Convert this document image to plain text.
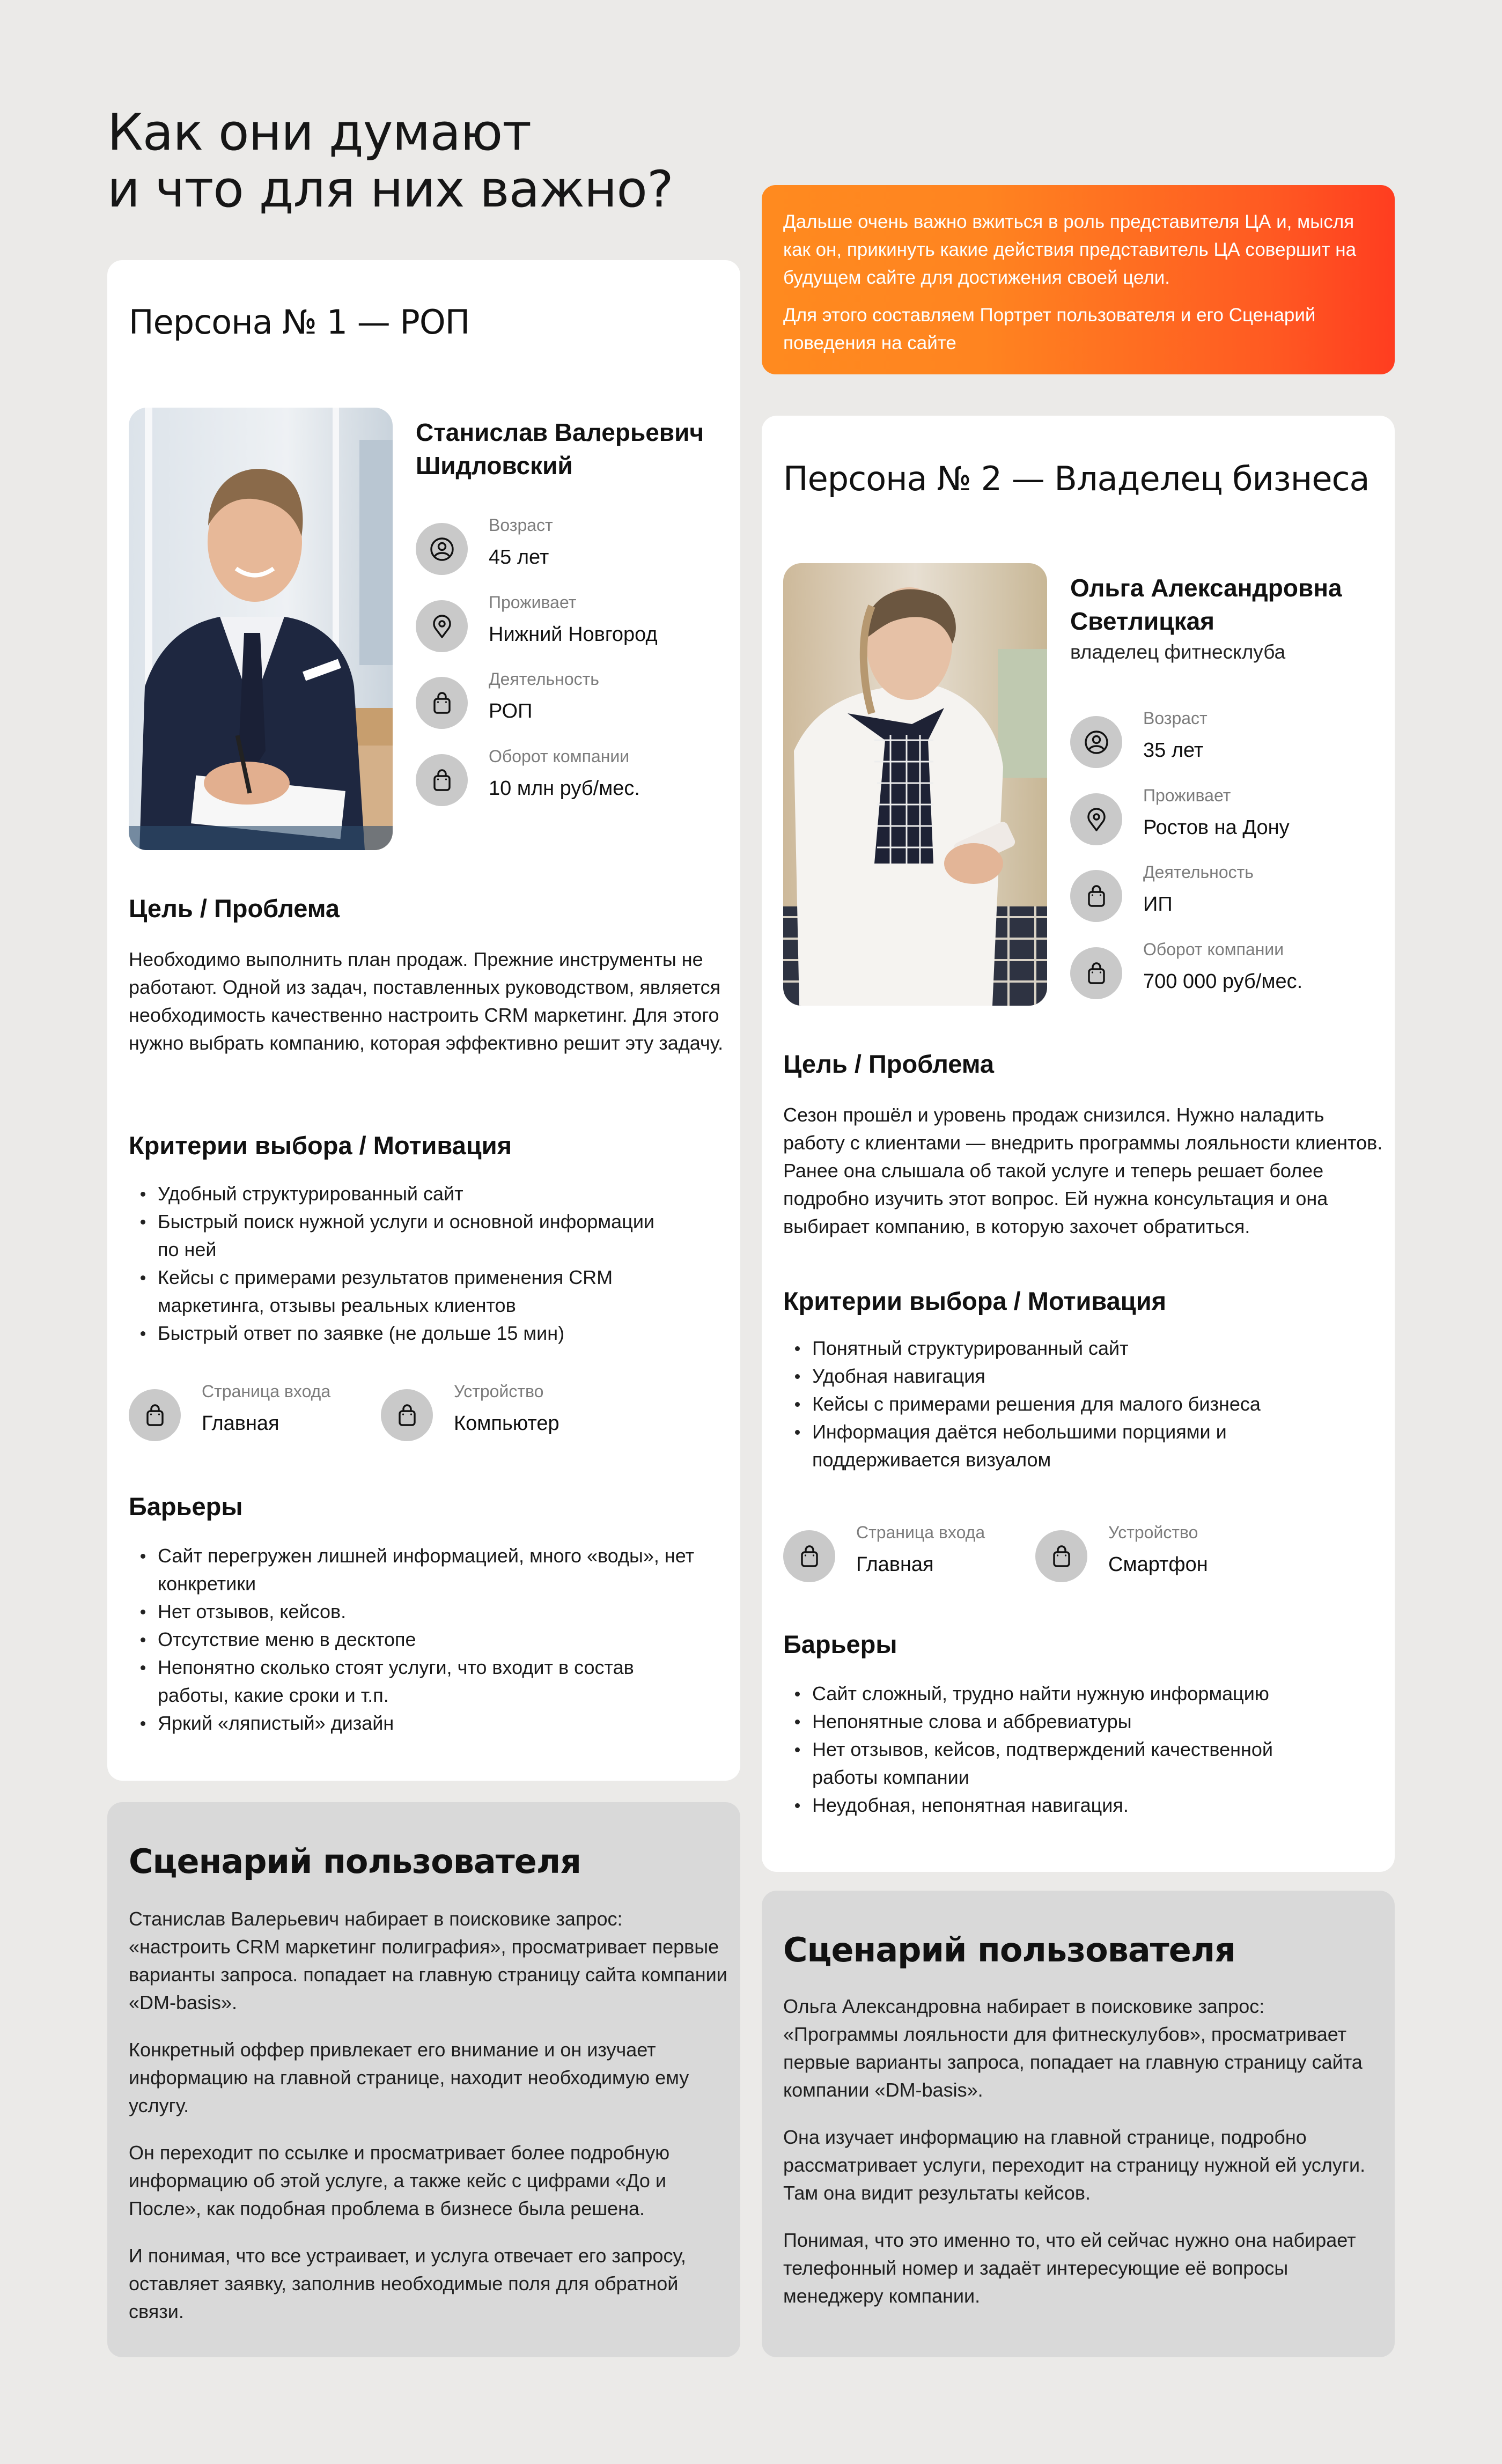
Как они думают
и что для них важно?

Дальше очень важно вжиться в роль представителя ЦА и, мысля как он, прикинуть какие действия представитель ЦА совершит на будущем сайте для достижения своей цели.

Для этого составляем Портрет пользователя и его Сценарий поведения на сайте

Персона № 1 — РОП
Станислав Валерьевич
Шидловский
Возраст
45 лет
Проживает
Нижний Новгород
Деятельность
РОП
Оборот компании
10 млн руб/мес.
Цель / Проблема

Необходимо выполнить план продаж. Прежние инструменты не работают. Одной из задач, поставленных руководством, является необходимость качественно настроить CRM маркетинг. Для этого нужно выбрать компанию, которая эффективно решит эту задачу.

Критерии выбора / Мотивация
Удобный структурированный сайт
Быстрый поиск нужной услуги и основной информации по ней
Кейсы с примерами результатов применения CRM маркетинга, отзывы реальных клиентов
Быстрый ответ по заявке (не дольше 15 мин)
Страница входа
Главная
Устройство
Компьютер
Барьеры
Сайт перегружен лишней информацией, много «воды», нет конкретики
Нет отзывов, кейсов.
Отсутствие меню в десктопе
Непонятно сколько стоят услуги, что входит в состав работы, какие сроки и т.п.
Яркий «ляпистый» дизайн
Сценарий пользователя

Станислав Валерьевич набирает в поисковике запрос: «настроить CRM маркетинг полиграфия», просматривает первые варианты запроса. попадает на главную страницу сайта компании «DM-basis».

Конкретный оффер привлекает его внимание и он изучает информацию на главной странице, находит необходимую ему услугу.

Он переходит по ссылке и просматривает более подробную информацию об этой услуге, а также кейс с цифрами «До и После», как подобная проблема в бизнесе была решена.

И понимая, что все устраивает, и услуга отвечает его запросу, оставляет заявку, заполнив необходимые поля для обратной связи.

Персона № 2 — Владелец бизнеса
Ольга Александровна
Светлицкая
владелец фитнесклуба
Возраст
35 лет
Проживает
Ростов на Дону
Деятельность
ИП
Оборот компании
700 000 руб/мес.
Цель / Проблема

Сезон прошёл и уровень продаж снизился. Нужно наладить работу с клиентами — внедрить программы лояльности клиентов. Ранее она слышала об такой услуге и теперь решает более подробно изучить этот вопрос. Ей нужна консультация и она выбирает компанию, в которую захочет обратиться.

Критерии выбора / Мотивация
Понятный структурированный сайт
Удобная навигация
Кейсы с примерами решения для малого бизнеса
Информация даётся небольшими порциями и поддерживается визуалом
Страница входа
Главная
Устройство
Смартфон
Барьеры
Сайт сложный, трудно найти нужную информацию
Непонятные слова и аббревиатуры
Нет отзывов, кейсов, подтверждений качественной работы компании
Неудобная, непонятная навигация.
Сценарий пользователя

Ольга Александровна набирает в поисковике запрос: «Программы лояльности для фитнескулубов», просматривает первые варианты запроса, попадает на главную страницу сайта компании «DM-basis».

Она изучает информацию на главной странице, подробно рассматривает услуги, переходит на страницу нужной ей услуги. Там она видит результаты кейсов.

Понимая, что это именно то, что ей сейчас нужно она набирает телефонный номер и задаёт интересующие её вопросы менеджеру компании.
